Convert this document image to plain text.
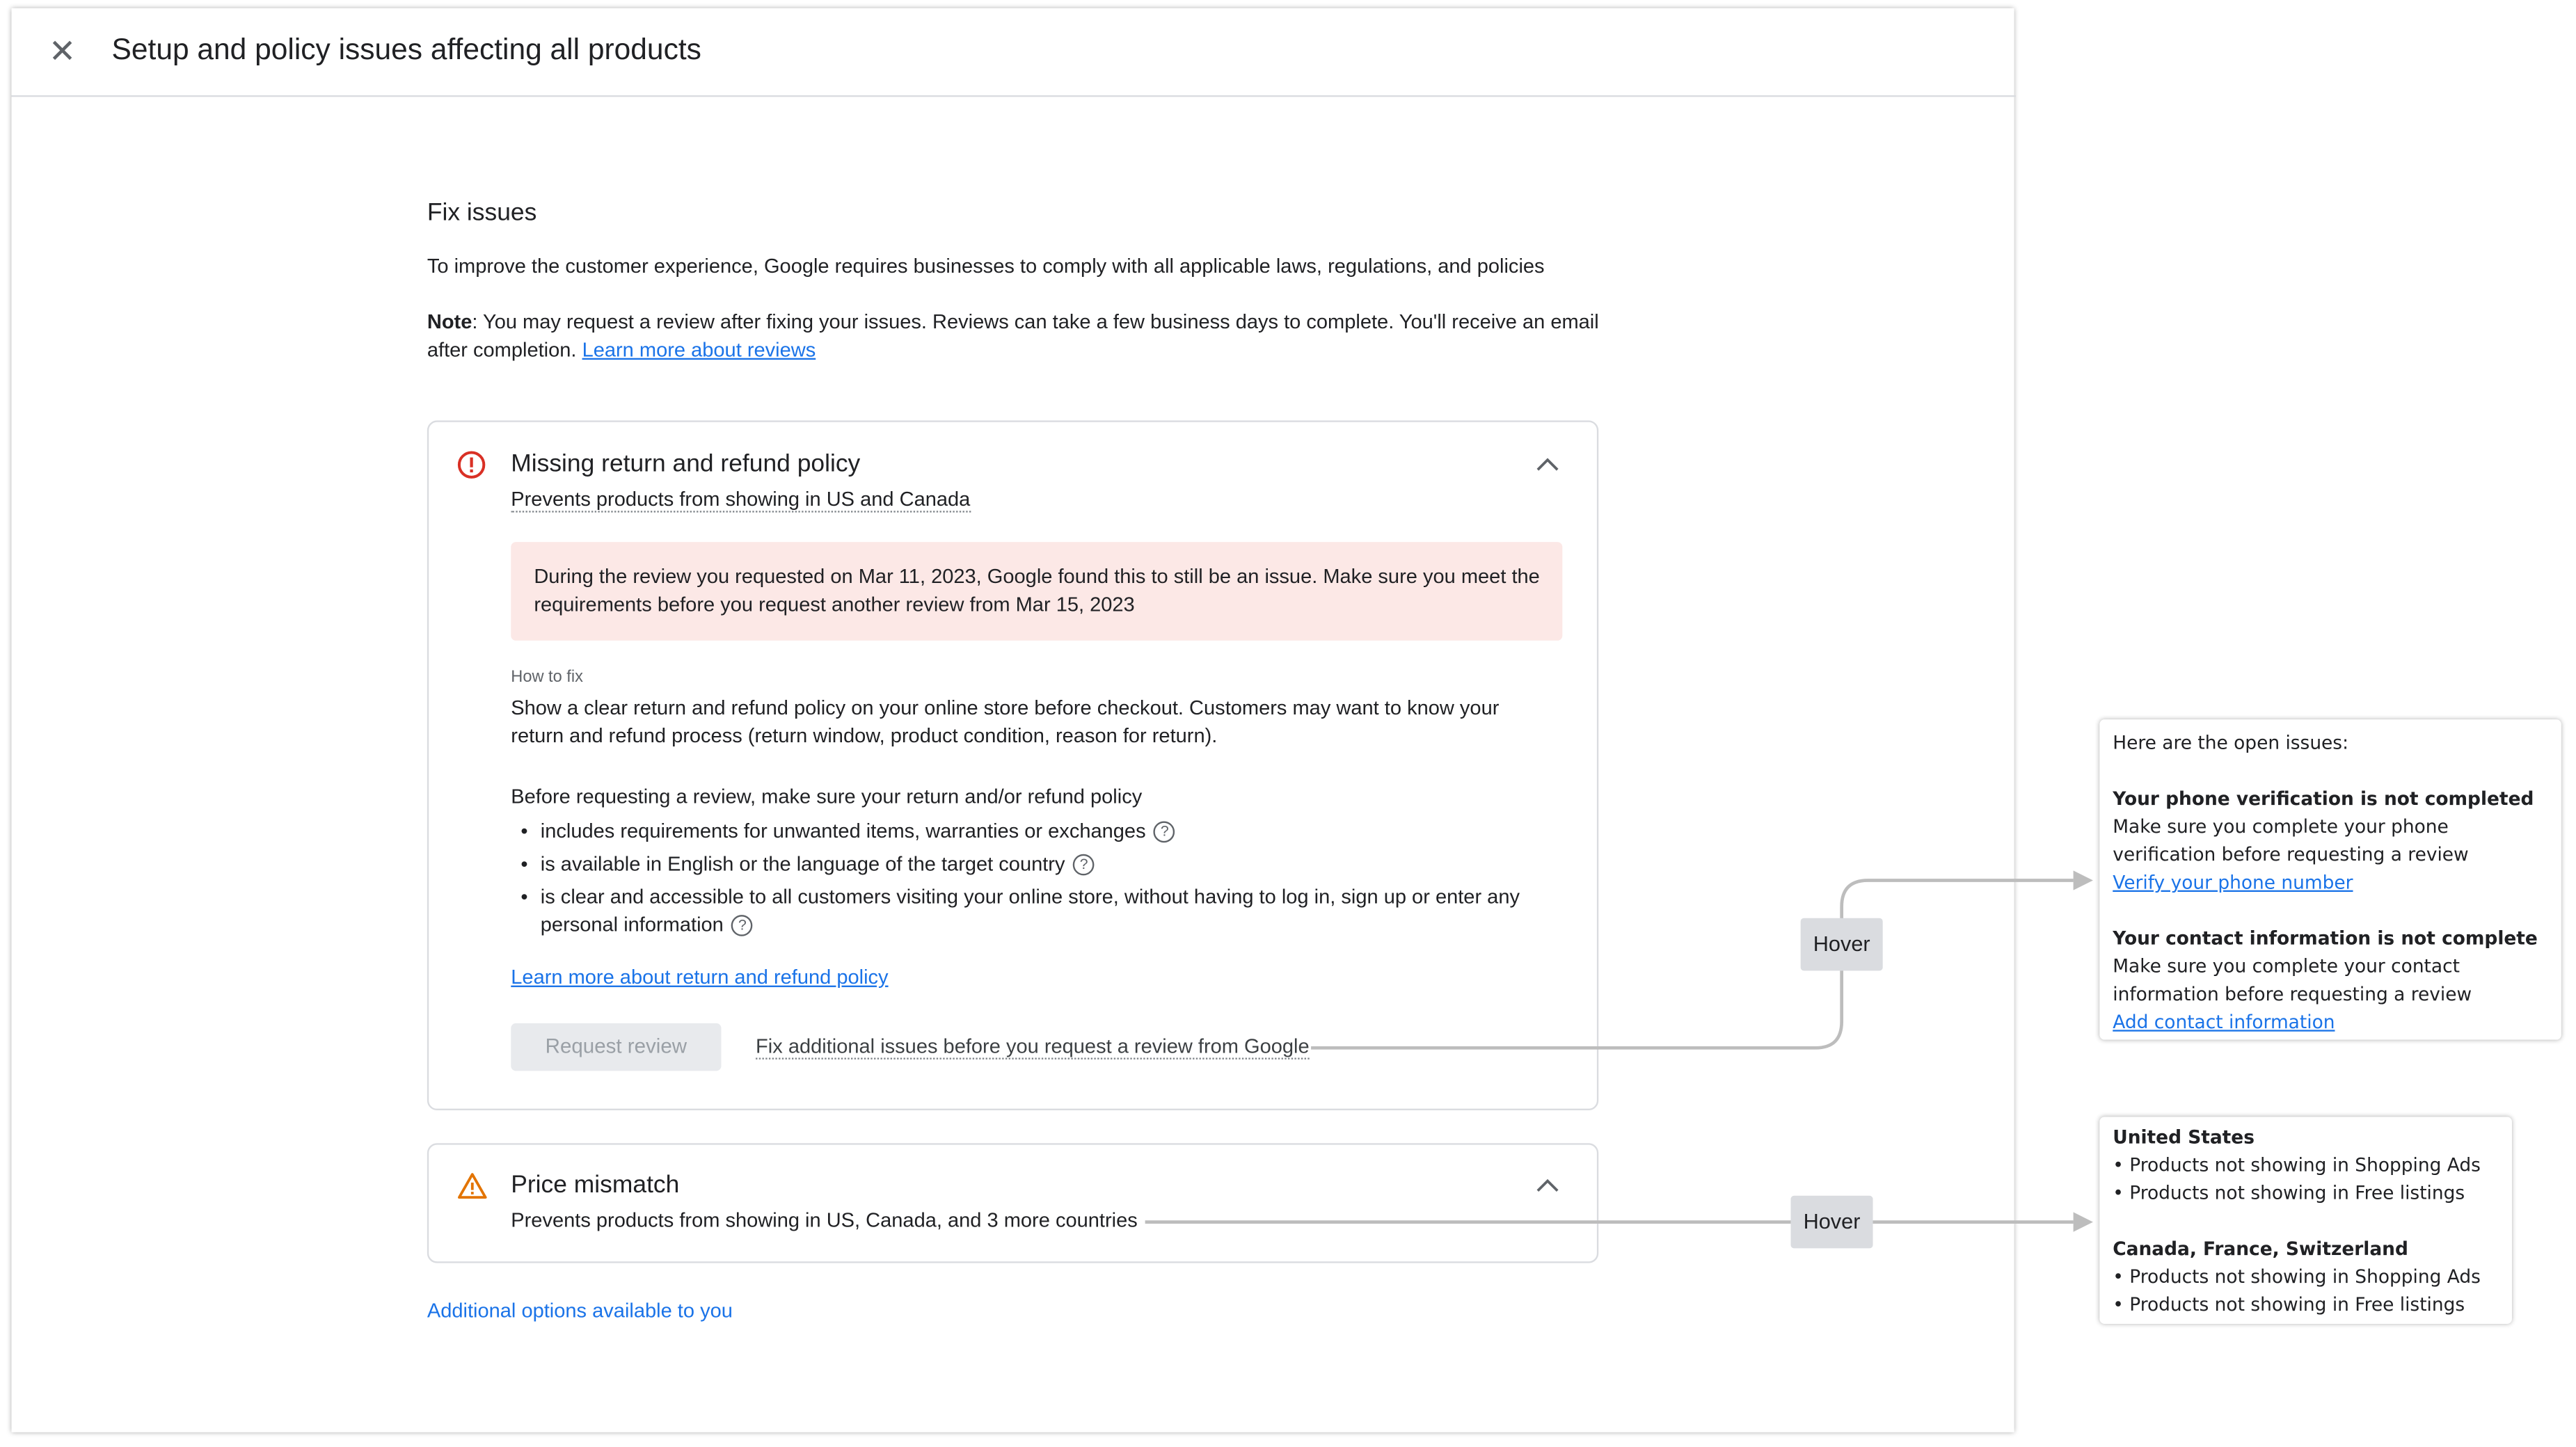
✕	Setup and policy issues affecting all products
Fix issues
To improve the customer experience, Google requires businesses to comply with all applicable laws, regulations, and policies
Note: You may request a review after fixing your issues. Reviews can take a few business days to complete. You'll receive an email after completion. Learn more about reviews
Missing return and refund policy
Prevents products from showing in US and Canada
During the review you requested on Mar 11, 2023, Google found this to still be an issue. Make sure you meet the requirements before you request another review from Mar 15, 2023
How to fix
Show a clear return and refund policy on your online store before checkout. Customers may want to know your return and refund process (return window, product condition, reason for return).
Before requesting a review, make sure your return and/or refund policy
• includes requirements for unwanted items, warranties or exchanges ?
• is available in English or the language of the target country ?
• is clear and accessible to all customers visiting your online store, without having to log in, sign up or enter any personal information ?
Learn more about return and refund policy
Request review	Fix additional issues before you request a review from Google
Price mismatch
Prevents products from showing in US, Canada, and 3 more countries
Additional options available to you
Hover
Hover
Here are the open issues:
Your phone verification is not completed
Make sure you complete your phone verification before requesting a review
Verify your phone number
Your contact information is not complete
Make sure you complete your contact information before requesting a review
Add contact information
United States
• Products not showing in Shopping Ads
• Products not showing in Free listings
Canada, France, Switzerland
• Products not showing in Shopping Ads
• Products not showing in Free listings
